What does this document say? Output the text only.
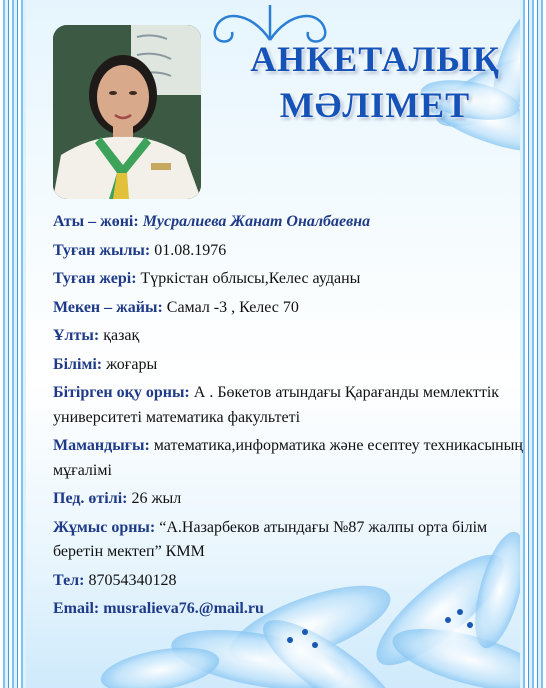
АНКЕТАЛЫҚ
МӘЛІМЕТ

Аты – жөні: Мусралиева Жанат Оналбаевна

Туған жылы: 01.08.1976

Туған жері: Түркістан облысы,Келес ауданы

Мекен – жайы: Самал -3 , Келес 70

Ұлты: қазақ

Білімі: жоғары

Бітірген оқу орны: А . Бөкетов атындағы Қарағанды мемлекттік университеті математика факультеті

Мамандығы: математика,информатика және есептеу техникасының мұғалімі

Пед. өтілі: 26 жыл

Жұмыс орны: “А.Назарбеков атындағы №87 жалпы орта білім беретін мектеп” КММ

Тел: 87054340128

Email: musralieva76.@mail.ru
